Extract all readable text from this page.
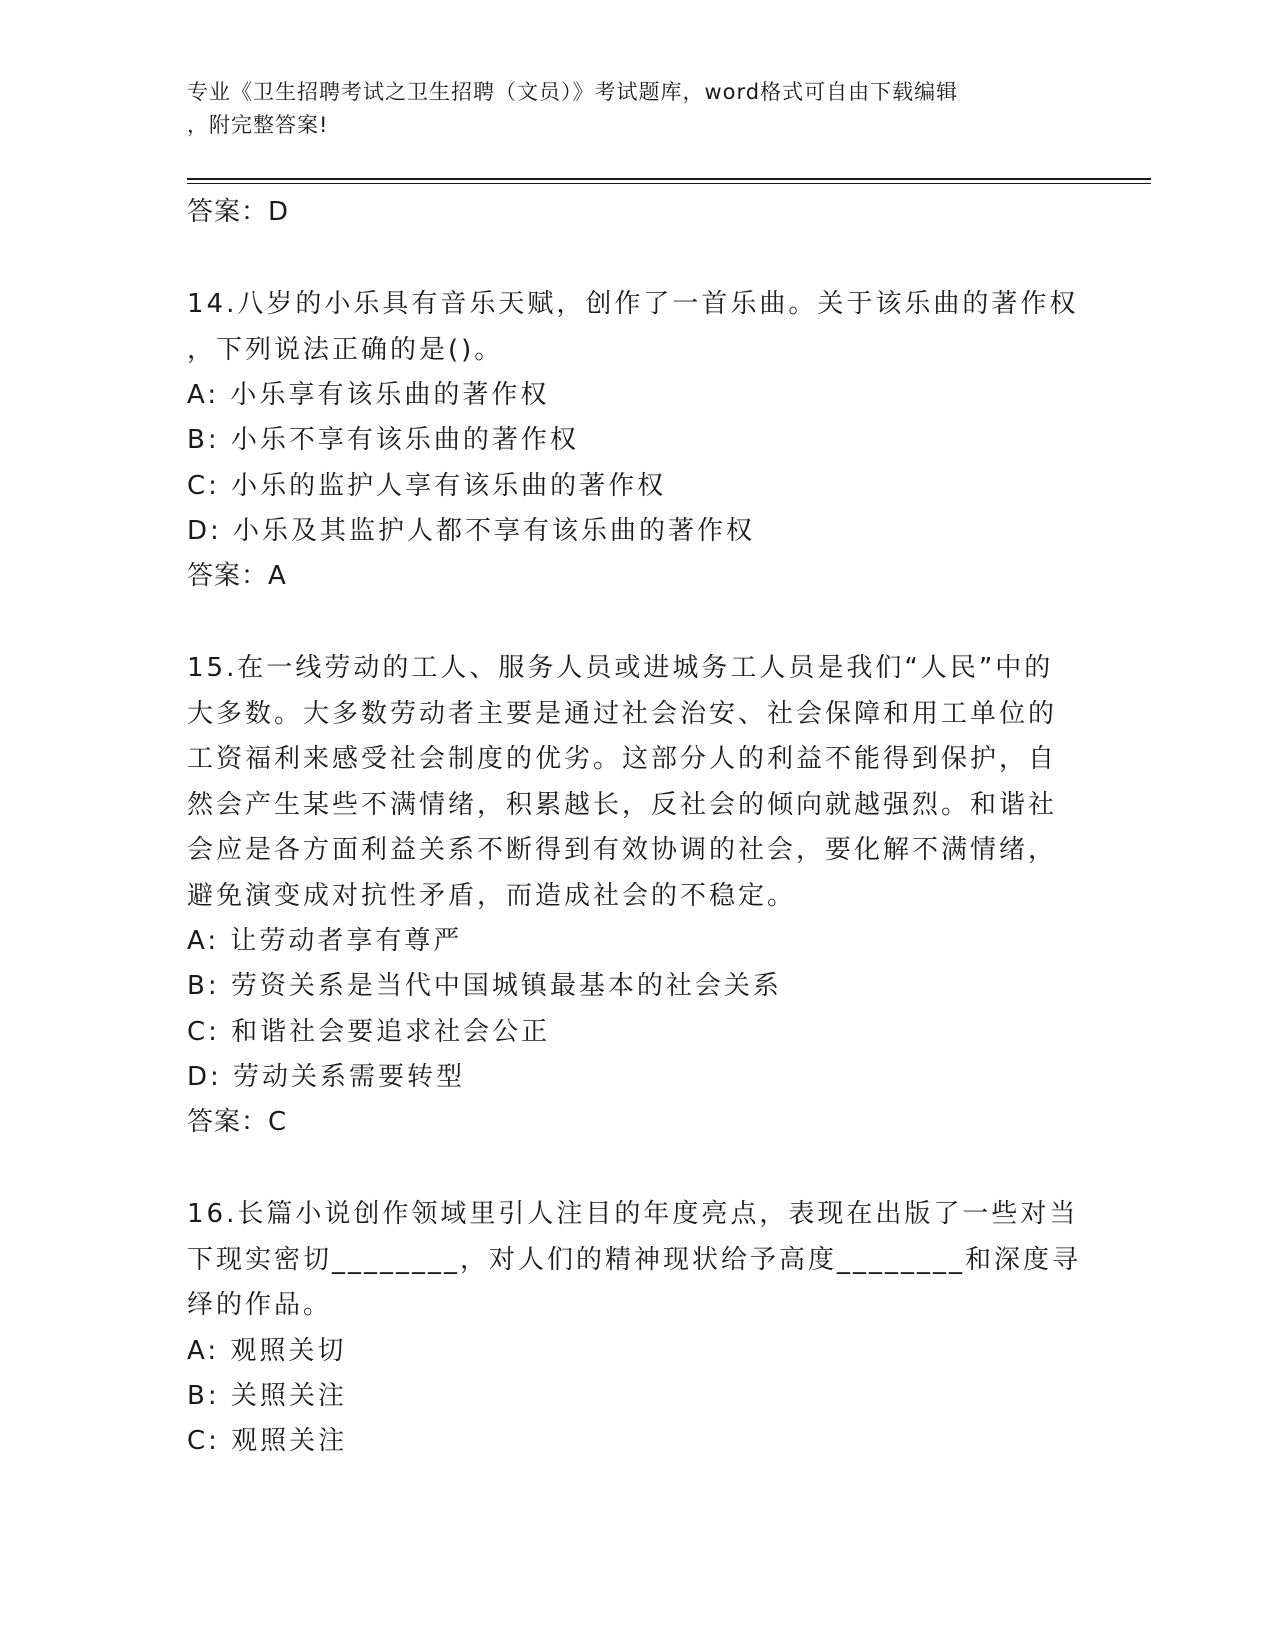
专业《卫生招聘考试之卫生招聘（文员）》考试题库，word格式可自由下载编辑
，附完整答案!
答案：D
14.八岁的小乐具有音乐天赋，创作了一首乐曲。关于该乐曲的著作权
，下列说法正确的是()。
A: 小乐享有该乐曲的著作权
B: 小乐不享有该乐曲的著作权
C: 小乐的监护人享有该乐曲的著作权
D: 小乐及其监护人都不享有该乐曲的著作权
答案：A
15.在一线劳动的工人、服务人员或进城务工人员是我们“人民”中的
大多数。大多数劳动者主要是通过社会治安、社会保障和用工单位的
工资福利来感受社会制度的优劣。这部分人的利益不能得到保护，自
然会产生某些不满情绪，积累越长，反社会的倾向就越强烈。和谐社
会应是各方面利益关系不断得到有效协调的社会，要化解不满情绪，
避免演变成对抗性矛盾，而造成社会的不稳定。
A: 让劳动者享有尊严
B: 劳资关系是当代中国城镇最基本的社会关系
C: 和谐社会要追求社会公正
D: 劳动关系需要转型
答案：C
16.长篇小说创作领域里引人注目的年度亮点，表现在出版了一些对当
下现实密切________，对人们的精神现状给予高度________和深度寻
绎的作品。
A: 观照关切
B: 关照关注
C: 观照关注
